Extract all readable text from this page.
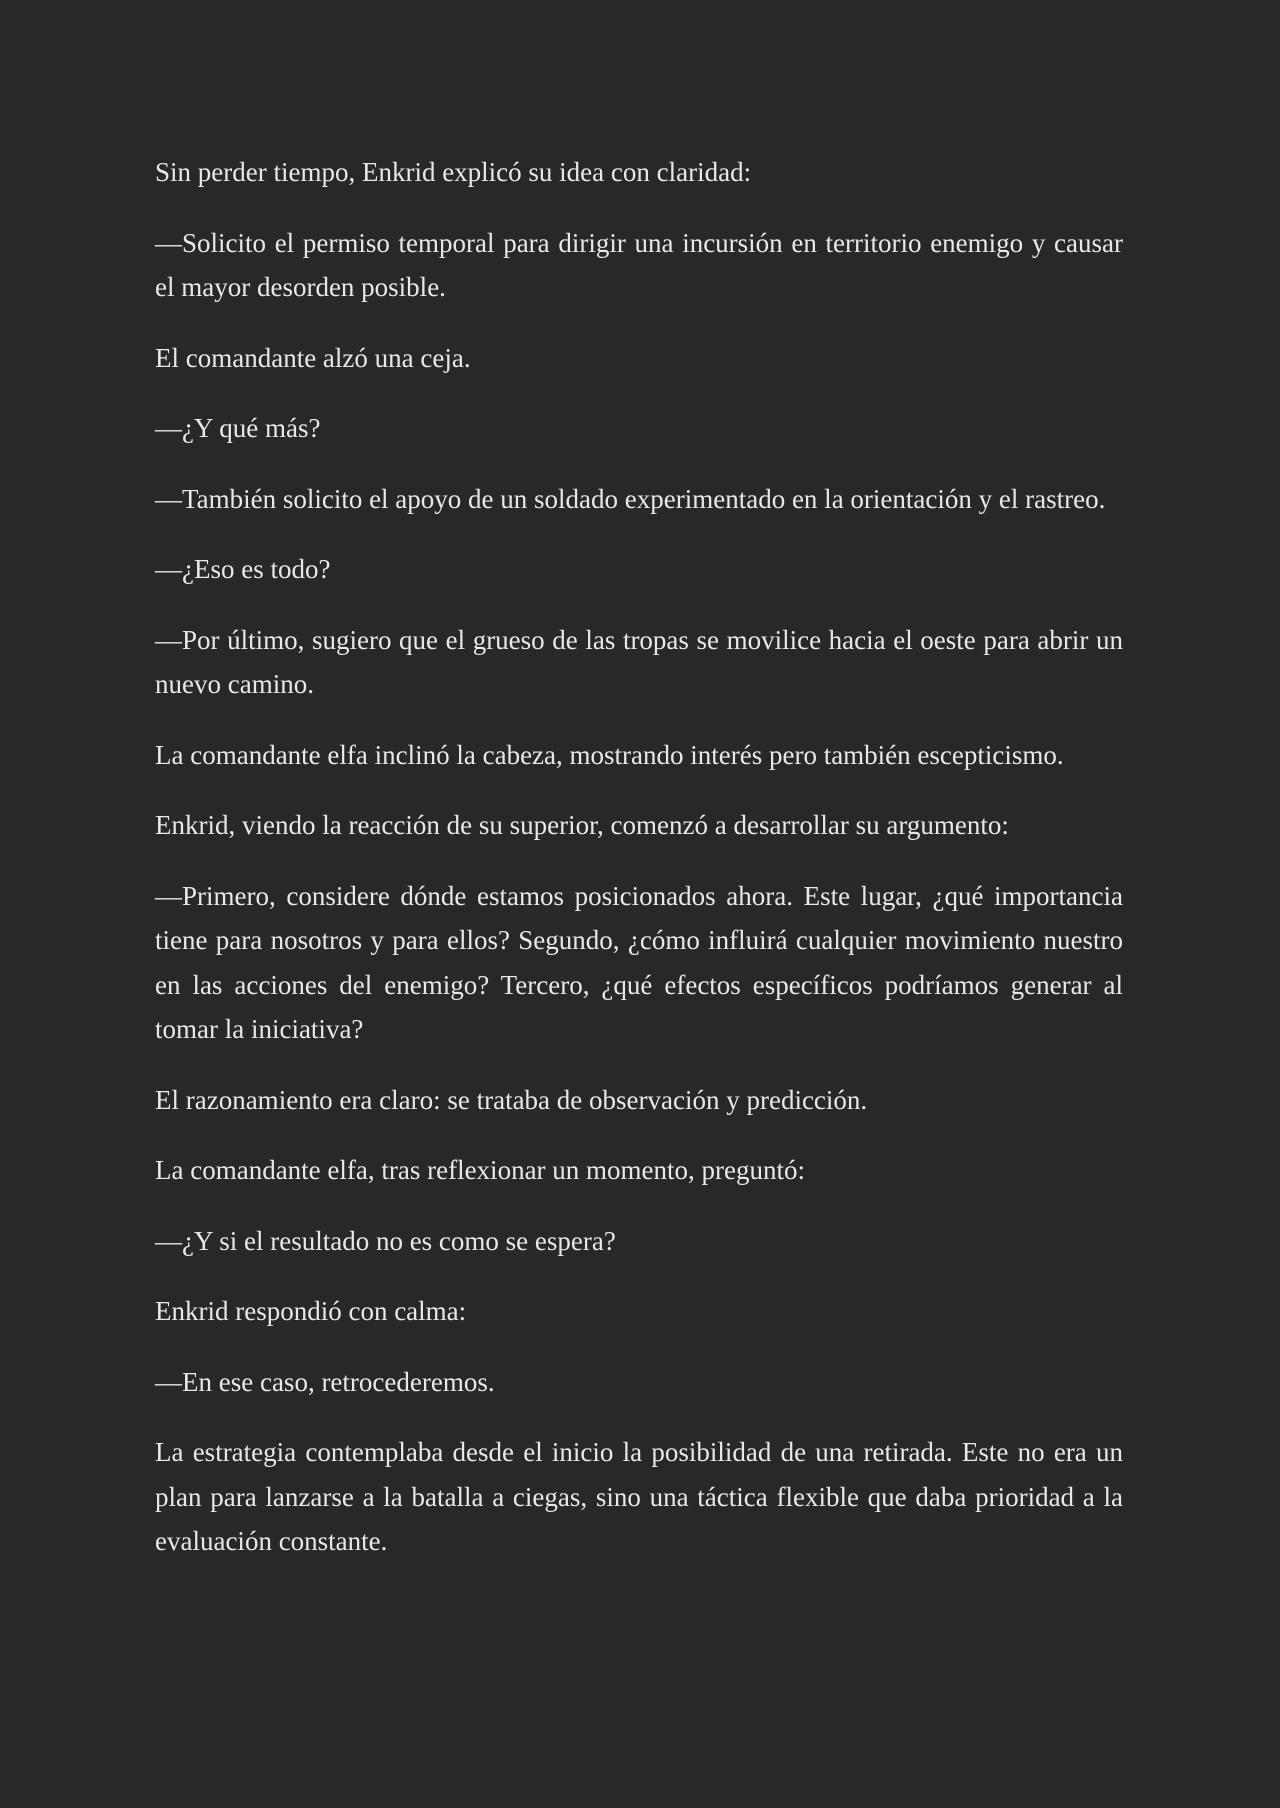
Sin perder tiempo, Enkrid explicó su idea con claridad:

—Solicito el permiso temporal para dirigir una incursión en territorio enemigo y causar el mayor desorden posible.

El comandante alzó una ceja.

—¿Y qué más?

—También solicito el apoyo de un soldado experimentado en la orientación y el rastreo.

—¿Eso es todo?

—Por último, sugiero que el grueso de las tropas se movilice hacia el oeste para abrir un nuevo camino.

La comandante elfa inclinó la cabeza, mostrando interés pero también escepticismo.

Enkrid, viendo la reacción de su superior, comenzó a desarrollar su argumento:

—Primero, considere dónde estamos posicionados ahora. Este lugar, ¿qué importancia tiene para nosotros y para ellos? Segundo, ¿cómo influirá cualquier movimiento nuestro en las acciones del enemigo? Tercero, ¿qué efectos específicos podríamos generar al tomar la iniciativa?

El razonamiento era claro: se trataba de observación y predicción.

La comandante elfa, tras reflexionar un momento, preguntó:

—¿Y si el resultado no es como se espera?

Enkrid respondió con calma:

—En ese caso, retrocederemos.

La estrategia contemplaba desde el inicio la posibilidad de una retirada. Este no era un plan para lanzarse a la batalla a ciegas, sino una táctica flexible que daba prioridad a la evaluación constante.
